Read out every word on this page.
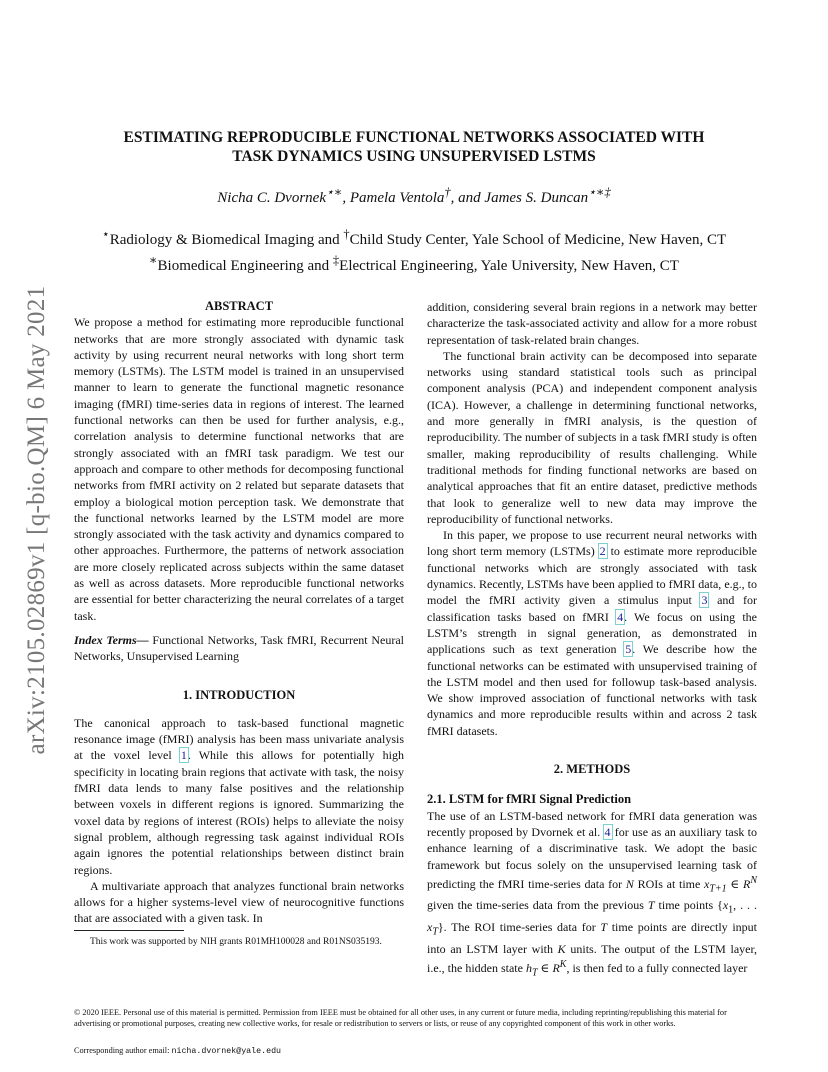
arXiv:2105.02869v1 [q-bio.QM] 6 May 2021
ESTIMATING REPRODUCIBLE FUNCTIONAL NETWORKS ASSOCIATED WITH TASK DYNAMICS USING UNSUPERVISED LSTMS
Nicha C. Dvornek⋆∗, Pamela Ventola†, and James S. Duncan⋆∗‡
⋆Radiology & Biomedical Imaging and †Child Study Center, Yale School of Medicine, New Haven, CT
∗Biomedical Engineering and ‡Electrical Engineering, Yale University, New Haven, CT

ABSTRACT

We propose a method for estimating more reproducible functional networks that are more strongly associated with dynamic task activity by using recurrent neural networks with long short term memory (LSTMs). The LSTM model is trained in an unsupervised manner to learn to generate the functional magnetic resonance imaging (fMRI) time-series data in regions of interest. The learned functional networks can then be used for further analysis, e.g., correlation analysis to determine functional networks that are strongly associated with an fMRI task paradigm. We test our approach and compare to other methods for decomposing functional networks from fMRI activity on 2 related but separate datasets that employ a biological motion perception task. We demonstrate that the functional networks learned by the LSTM model are more strongly associated with the task activity and dynamics compared to other approaches. Furthermore, the patterns of network association are more closely replicated across subjects within the same dataset as well as across datasets. More reproducible functional networks are essential for better characterizing the neural correlates of a target task.

Index Terms— Functional Networks, Task fMRI, Recurrent Neural Networks, Unsupervised Learning

1. INTRODUCTION

The canonical approach to task-based functional magnetic resonance image (fMRI) analysis has been mass univariate analysis at the voxel level 1. While this allows for potentially high specificity in locating brain regions that activate with task, the noisy fMRI data lends to many false positives and the relationship between voxels in different regions is ignored. Summarizing the voxel data by regions of interest (ROIs) helps to alleviate the noisy signal problem, although regressing task against individual ROIs again ignores the potential relationships between distinct brain regions.

A multivariate approach that analyzes functional brain networks allows for a higher systems-level view of neurocognitive functions that are associated with a given task. In

This work was supported by NIH grants R01MH100028 and R01NS035193.

addition, considering several brain regions in a network may better characterize the task-associated activity and allow for a more robust representation of task-related brain changes.

The functional brain activity can be decomposed into separate networks using standard statistical tools such as principal component analysis (PCA) and independent component analysis (ICA). However, a challenge in determining functional networks, and more generally in fMRI analysis, is the question of reproducibility. The number of subjects in a task fMRI study is often smaller, making reproducibility of results challenging. While traditional methods for finding functional networks are based on analytical approaches that fit an entire dataset, predictive methods that look to generalize well to new data may improve the reproducibility of functional networks.

In this paper, we propose to use recurrent neural networks with long short term memory (LSTMs) 2 to estimate more reproducible functional networks which are strongly associated with task dynamics. Recently, LSTMs have been applied to fMRI data, e.g., to model the fMRI activity given a stimulus input 3 and for classification tasks based on fMRI 4. We focus on using the LSTM’s strength in signal generation, as demonstrated in applications such as text generation 5. We describe how the functional networks can be estimated with unsupervised training of the LSTM model and then used for followup task-based analysis. We show improved association of functional networks with task dynamics and more reproducible results within and across 2 task fMRI datasets.

2. METHODS

2.1. LSTM for fMRI Signal Prediction

The use of an LSTM-based network for fMRI data generation was recently proposed by Dvornek et al. 4 for use as an auxiliary task to enhance learning of a discriminative task. We adopt the basic framework but focus solely on the unsupervised learning task of predicting the fMRI time-series data for N ROIs at time $x_{T+1}$ ∈ $R^N$ given the time-series data from the previous T time points {$x_1$, . . . $x_T$}. The ROI time-series data for T time points are directly input into an LSTM layer with K units. The output of the LSTM layer, i.e., the hidden state $h_T$ ∈ $R^K$, is then fed to a fully connected layer

© 2020 IEEE. Personal use of this material is permitted. Permission from IEEE must be obtained for all other uses, in any current or future media, including reprinting/republishing this material for advertising or promotional purposes, creating new collective works, for resale or redistribution to servers or lists, or reuse of any copyrighted component of this work in other works.
Corresponding author email: nicha.dvornek@yale.edu
